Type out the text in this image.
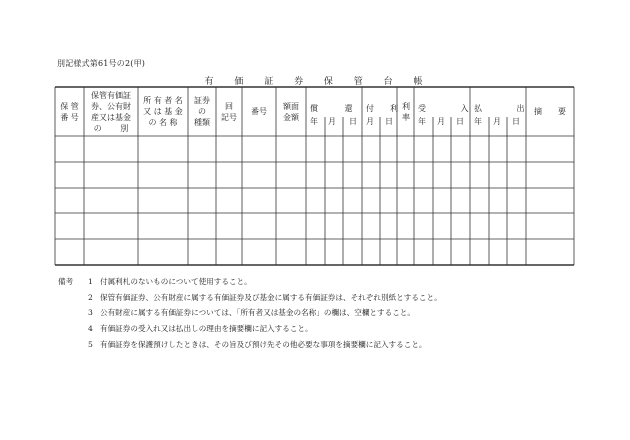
別記様式第61号の2(甲)
有 価 証 券 保 管 台 帳
保 管
番 号
保管有価証
券、公有財
産又は基金
の　　 別
所 有 者 名
又 は 基 金
の 名 称
証券
の
種類
回
記号
番号
額面
金額
利
率
摘　　要
償　　　 還
年 月 日
付　　利
月 日
受　　　　 入
年 月 日
払　　　　 出
年 月 日
備考	1 付属利札のないものについて使用すること。
2 保管有価証券、公有財産に属する有価証券及び基金に属する有価証券は、それぞれ別紙とすること。
3 公有財産に属する有価証券については、「所有者又は基金の名称」の欄は、空欄とすること。
4 有価証券の受入れ又は払出しの理由を摘要欄に記入すること。
5 有価証券を保護預けしたときは、その旨及び預け先その他必要な事項を摘要欄に記入すること。
